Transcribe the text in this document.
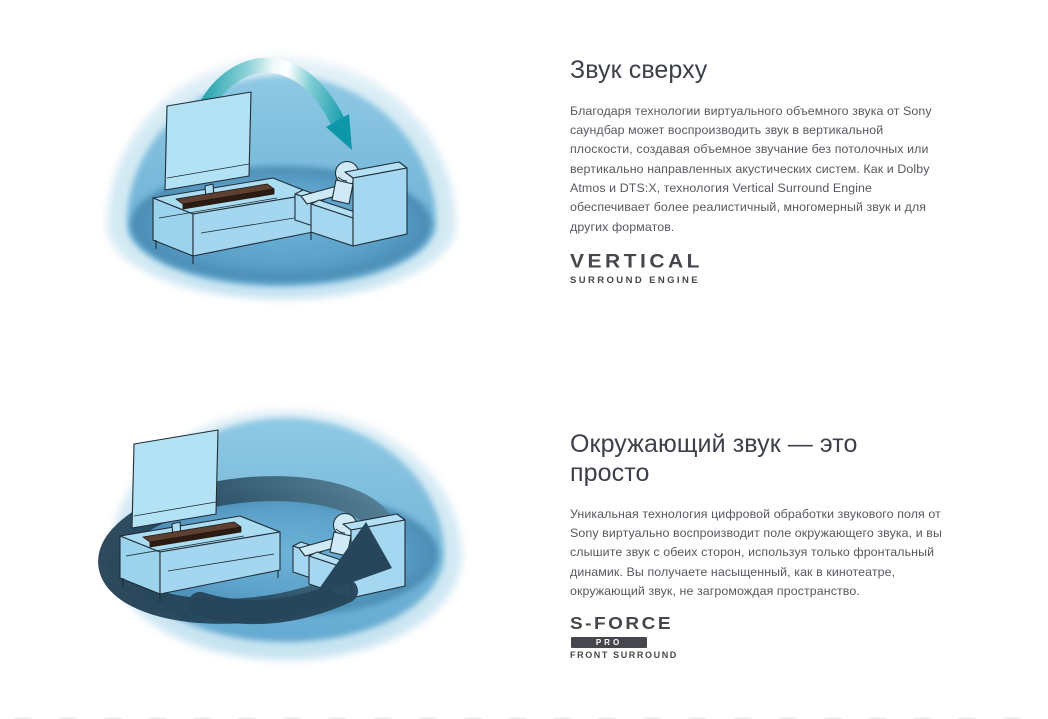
Звук сверху

Благодаря технологии виртуального объемного звука от Sony саундбар может воспроизводить звук в вертикальной плоскости, создавая объемное звучание без потолочных или вертикально направленных акустических систем. Как и Dolby Atmos и DTS:X, технология Vertical Surround Engine обеспечивает более реалистичный, многомерный звук и для других форматов.

VERTICAL
SURROUND ENGINE
Окружающий звук — это просто

Уникальная технология цифровой обработки звукового поля от Sony виртуально воспроизводит поле окружающего звука, и вы слышите звук с обеих сторон, используя только фронтальный динамик. Вы получаете насыщенный, как в кинотеатре, окружающий звук, не загромождая пространство.

S-FORCE
PRO
FRONT SURROUND
